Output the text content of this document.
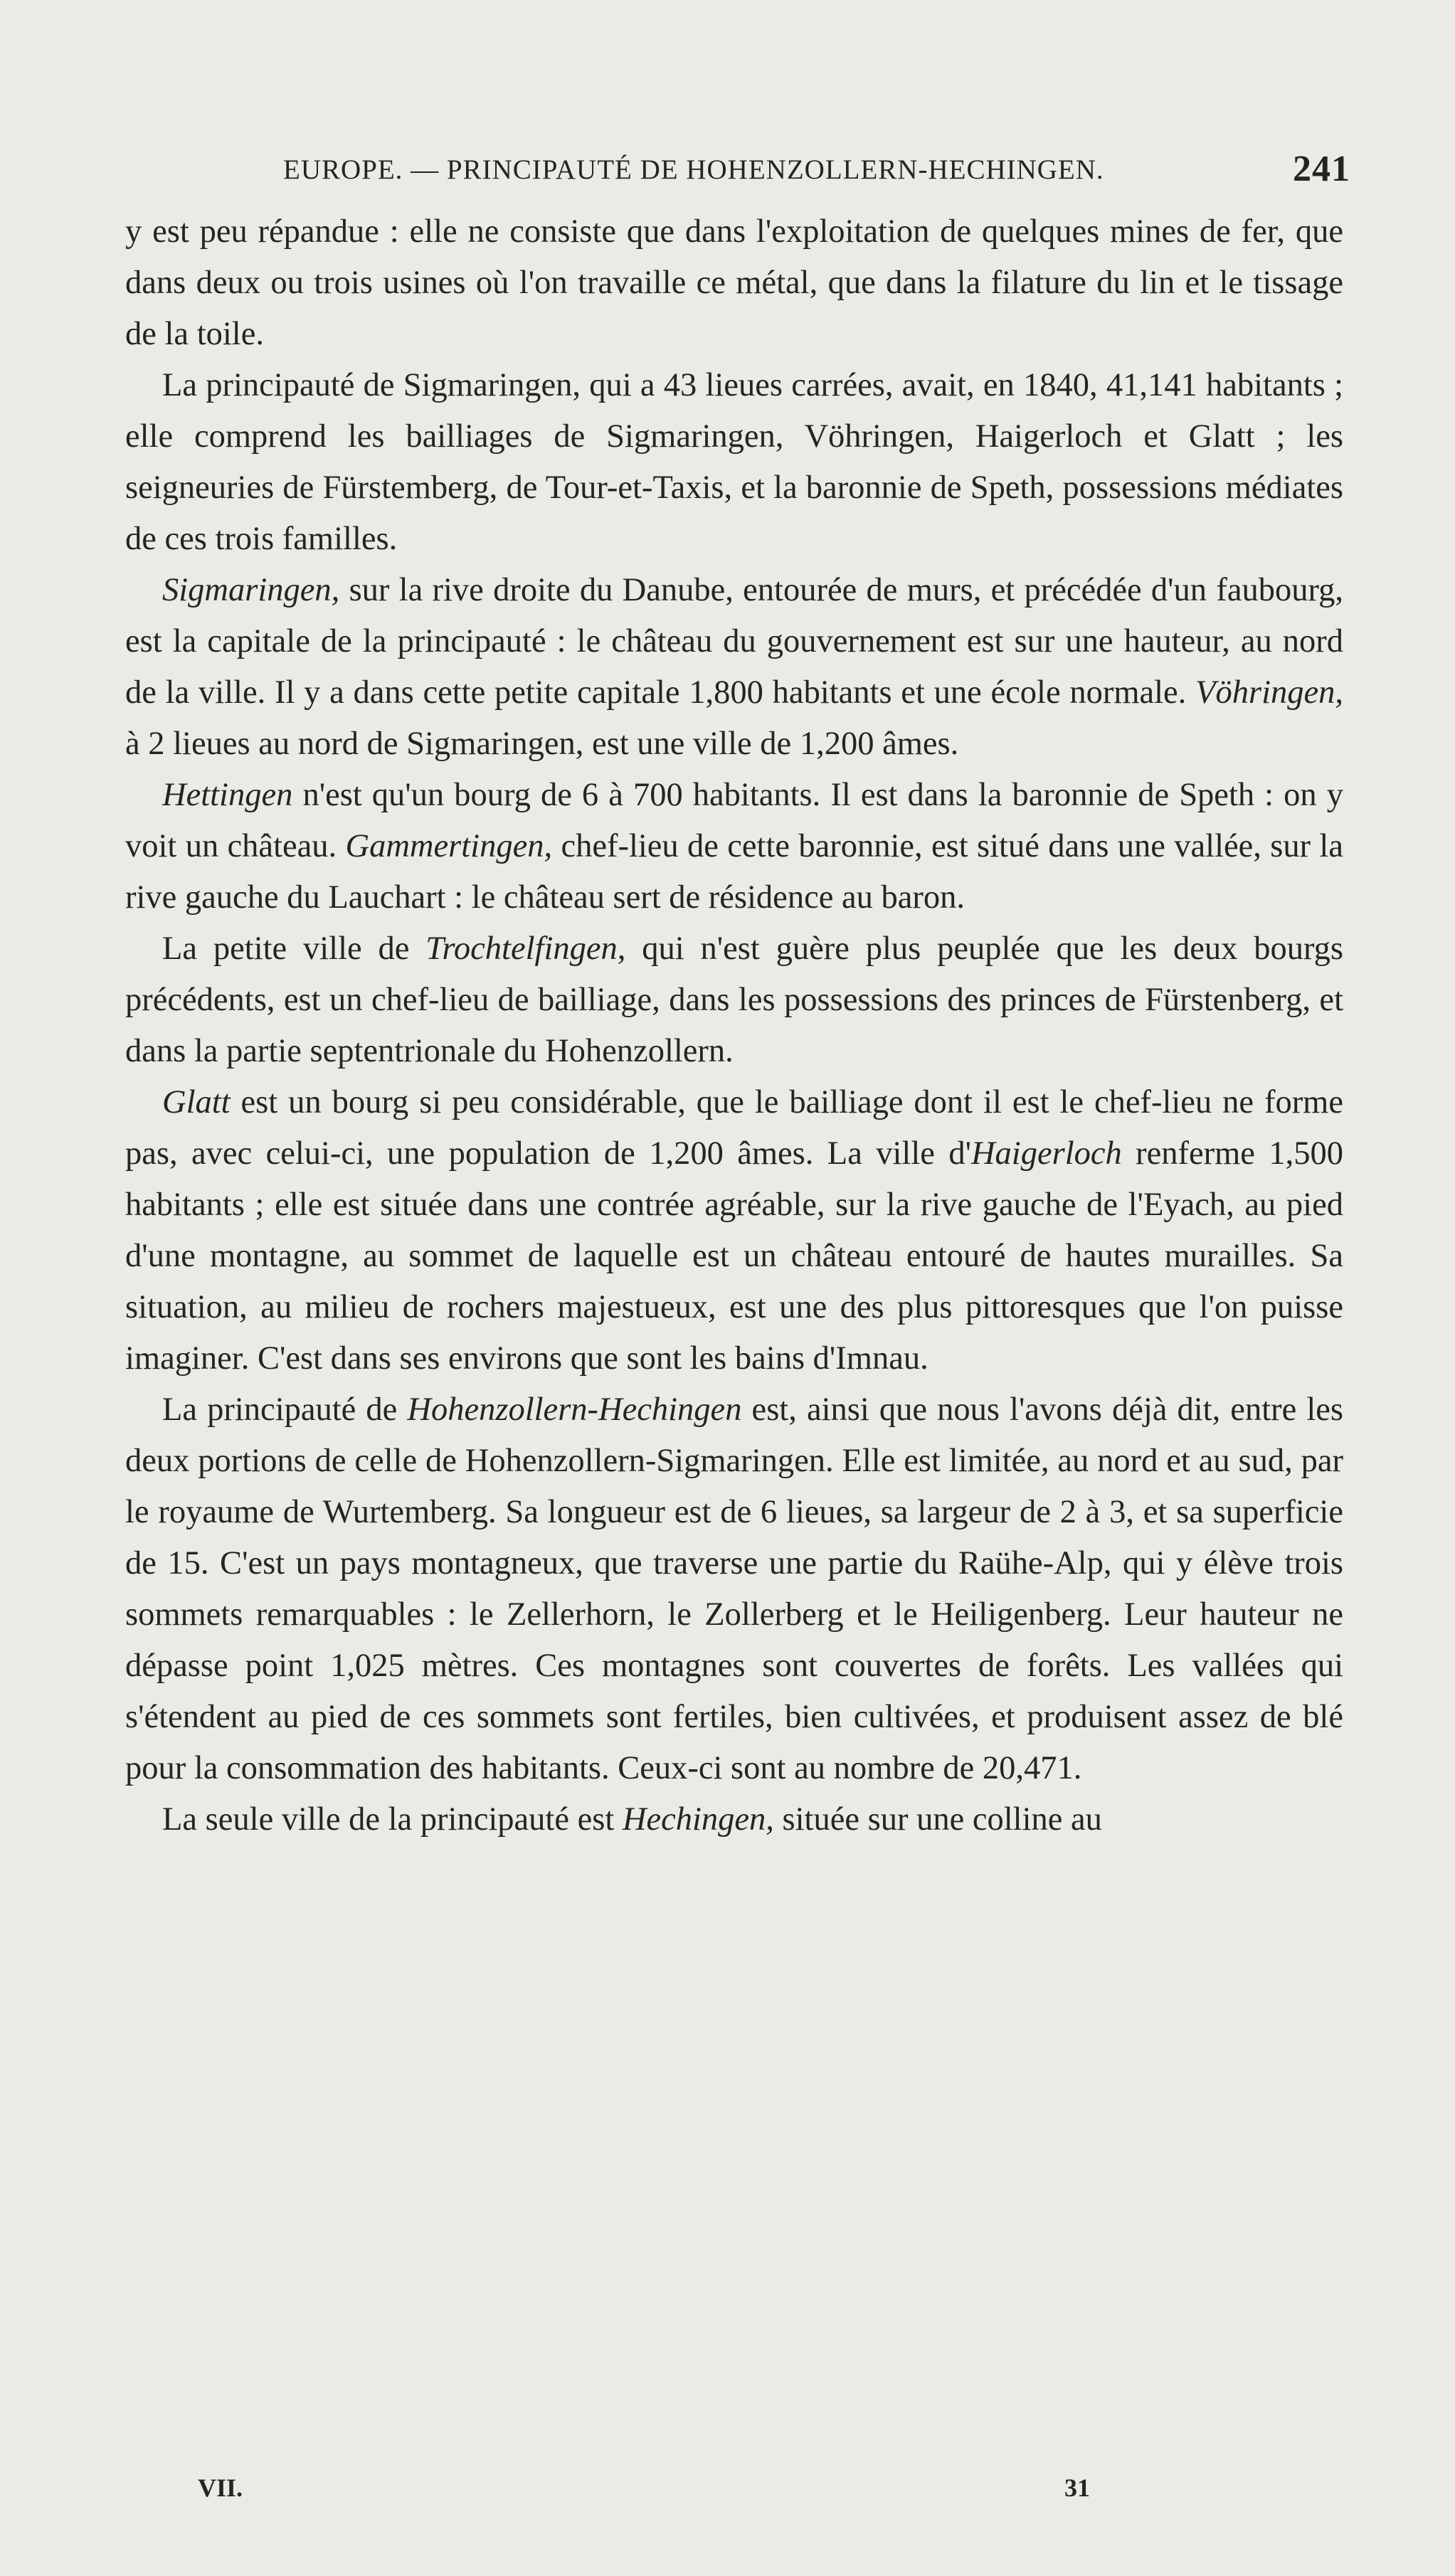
EUROPE. — PRINCIPAUTÉ DE HOHENZOLLERN-HECHINGEN.	241

y est peu répandue : elle ne consiste que dans l'exploitation de quelques mines de fer, que dans deux ou trois usines où l'on travaille ce métal, que dans la filature du lin et le tissage de la toile.

La principauté de Sigmaringen, qui a 43 lieues carrées, avait, en 1840, 41,141 habitants ; elle comprend les bailliages de Sigmaringen, Vöhringen, Haigerloch et Glatt ; les seigneuries de Fürstemberg, de Tour-et-Taxis, et la baronnie de Speth, possessions médiates de ces trois familles.

Sigmaringen, sur la rive droite du Danube, entourée de murs, et précédée d'un faubourg, est la capitale de la principauté : le château du gouvernement est sur une hauteur, au nord de la ville. Il y a dans cette petite capitale 1,800 habitants et une école normale. Vöhringen, à 2 lieues au nord de Sigmaringen, est une ville de 1,200 âmes.

Hettingen n'est qu'un bourg de 6 à 700 habitants. Il est dans la baronnie de Speth : on y voit un château. Gammertingen, chef-lieu de cette baronnie, est situé dans une vallée, sur la rive gauche du Lauchart : le château sert de résidence au baron.

La petite ville de Trochtelfingen, qui n'est guère plus peuplée que les deux bourgs précédents, est un chef-lieu de bailliage, dans les possessions des princes de Fürstenberg, et dans la partie septentrionale du Hohenzollern.

Glatt est un bourg si peu considérable, que le bailliage dont il est le chef-lieu ne forme pas, avec celui-ci, une population de 1,200 âmes. La ville d'Haigerloch renferme 1,500 habitants ; elle est située dans une contrée agréable, sur la rive gauche de l'Eyach, au pied d'une montagne, au sommet de laquelle est un château entouré de hautes murailles. Sa situation, au milieu de rochers majestueux, est une des plus pittoresques que l'on puisse imaginer. C'est dans ses environs que sont les bains d'Imnau.

La principauté de Hohenzollern-Hechingen est, ainsi que nous l'avons déjà dit, entre les deux portions de celle de Hohenzollern-Sigmaringen. Elle est limitée, au nord et au sud, par le royaume de Wurtemberg. Sa longueur est de 6 lieues, sa largeur de 2 à 3, et sa superficie de 15. C'est un pays montagneux, que traverse une partie du Raühe-Alp, qui y élève trois sommets remarquables : le Zellerhorn, le Zollerberg et le Heiligenberg. Leur hauteur ne dépasse point 1,025 mètres. Ces montagnes sont couvertes de forêts. Les vallées qui s'étendent au pied de ces sommets sont fertiles, bien cultivées, et produisent assez de blé pour la consommation des habitants. Ceux-ci sont au nombre de 20,471.

La seule ville de la principauté est Hechingen, située sur une colline au

VII.	31
